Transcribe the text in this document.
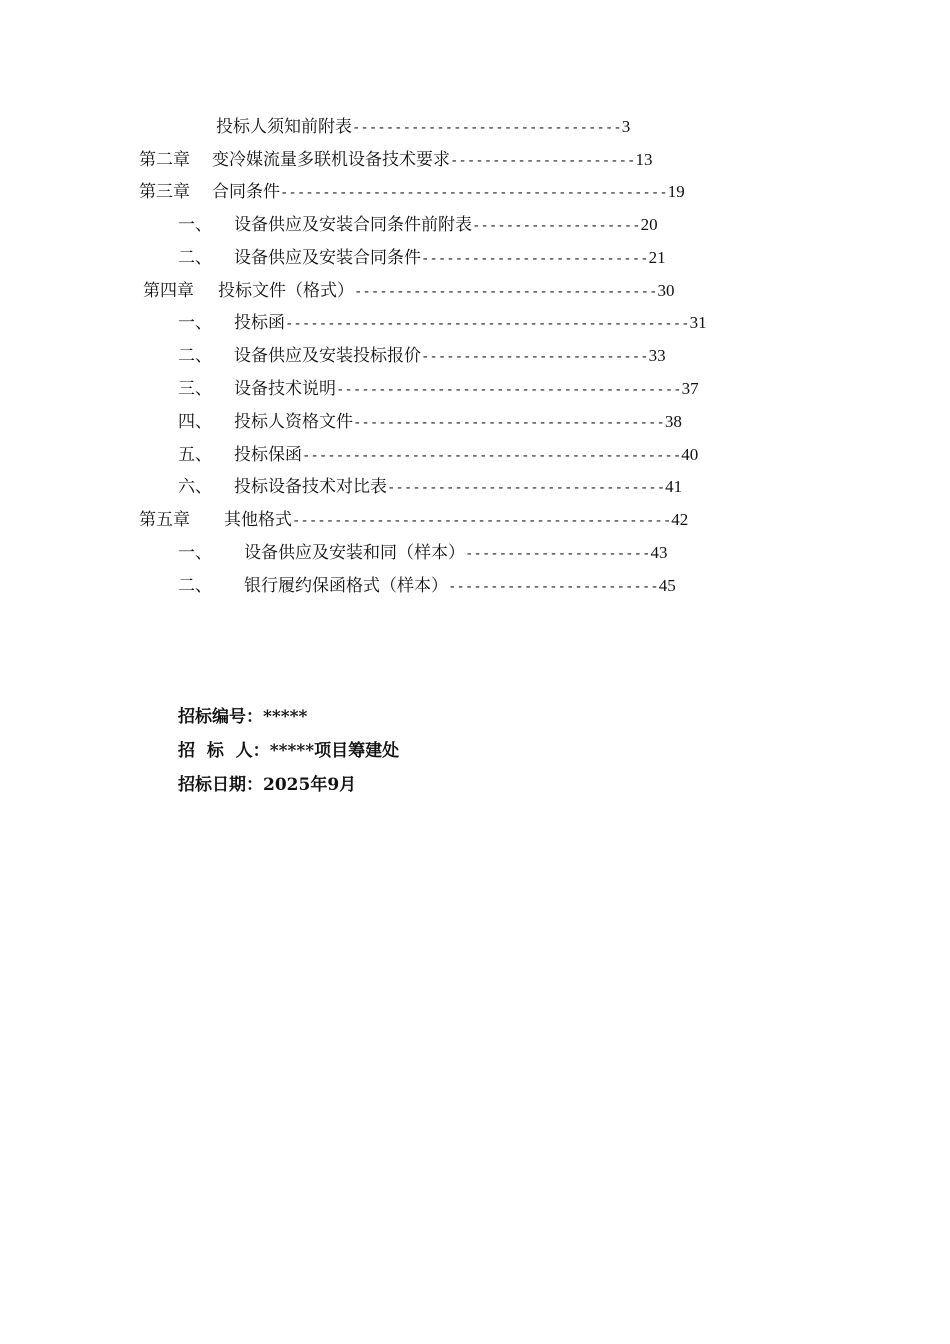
投标人须知前附表--------------------------------3
第二章 变冷媒流量多联机设备技术要求----------------------13
第三章 合同条件----------------------------------------------19
一、 设备供应及安装合同条件前附表--------------------20
二、 设备供应及安装合同条件---------------------------21
第四章 投标文件（格式）------------------------------------30
一、 投标函------------------------------------------------31
二、 设备供应及安装投标报价---------------------------33
三、 设备技术说明-----------------------------------------37
四、 投标人资格文件-------------------------------------38
五、 投标保函---------------------------------------------40
六、 投标设备技术对比表---------------------------------41
第五章 其他格式---------------------------------------------42
一、 设备供应及安装和同（样本）----------------------43
二、 银行履约保函格式（样本）-------------------------45
招标编号：*****
招  标  人：*****项目筹建处
招标日期：2025年9月
